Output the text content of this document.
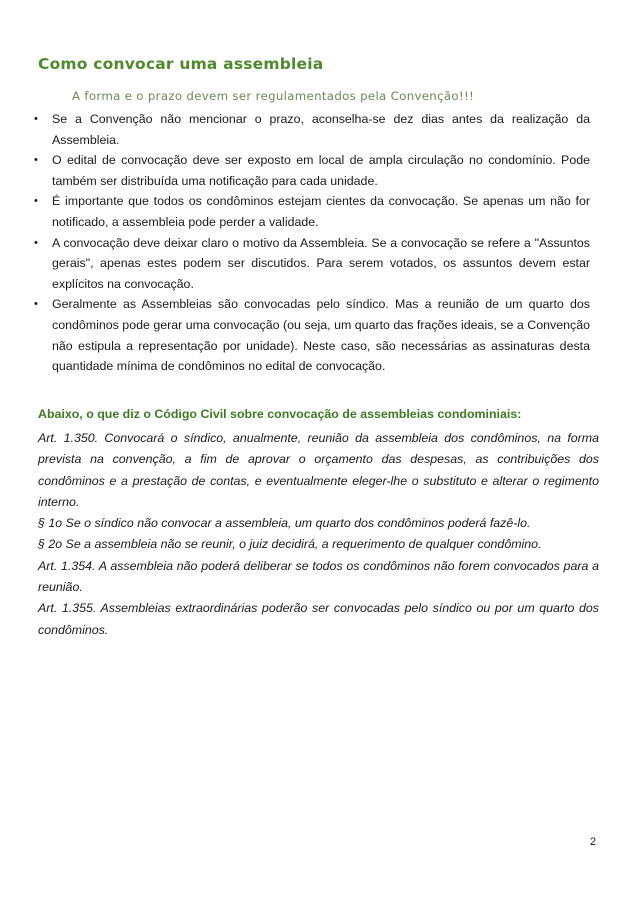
Como convocar uma assembleia

A forma e o prazo devem ser regulamentados pela Convenção!!!

• Se a Convenção não mencionar o prazo, aconselha-se dez dias antes da realização da Assembleia.
• O edital de convocação deve ser exposto em local de ampla circulação no condomínio. Pode também ser distribuída uma notificação para cada unidade.
• É importante que todos os condôminos estejam cientes da convocação. Se apenas um não for notificado, a assembleia pode perder a validade.
• A convocação deve deixar claro o motivo da Assembleia. Se a convocação se refere a "Assuntos gerais", apenas estes podem ser discutidos. Para serem votados, os assuntos devem estar explícitos na convocação.
• Geralmente as Assembleias são convocadas pelo síndico. Mas a reunião de um quarto dos condôminos pode gerar uma convocação (ou seja, um quarto das frações ideais, se a Convenção não estipula a representação por unidade). Neste caso, são necessárias as assinaturas desta quantidade mínima de condôminos no edital de convocação.
Abaixo, o que diz o Código Civil sobre convocação de assembleias condominiais:

Art. 1.350. Convocará o síndico, anualmente, reunião da assembleia dos condôminos, na forma prevista na convenção, a fim de aprovar o orçamento das despesas, as contribuições dos condôminos e a prestação de contas, e eventualmente eleger-lhe o substituto e alterar o regimento interno.

§ 1o Se o síndico não convocar a assembleia, um quarto dos condôminos poderá fazê-lo.

§ 2o Se a assembleia não se reunir, o juiz decidirá, a requerimento de qualquer condômino.

Art. 1.354. A assembleia não poderá deliberar se todos os condôminos não forem convocados para a reunião.

Art. 1.355. Assembleias extraordinárias poderão ser convocadas pelo síndico ou por um quarto dos condôminos.

2
